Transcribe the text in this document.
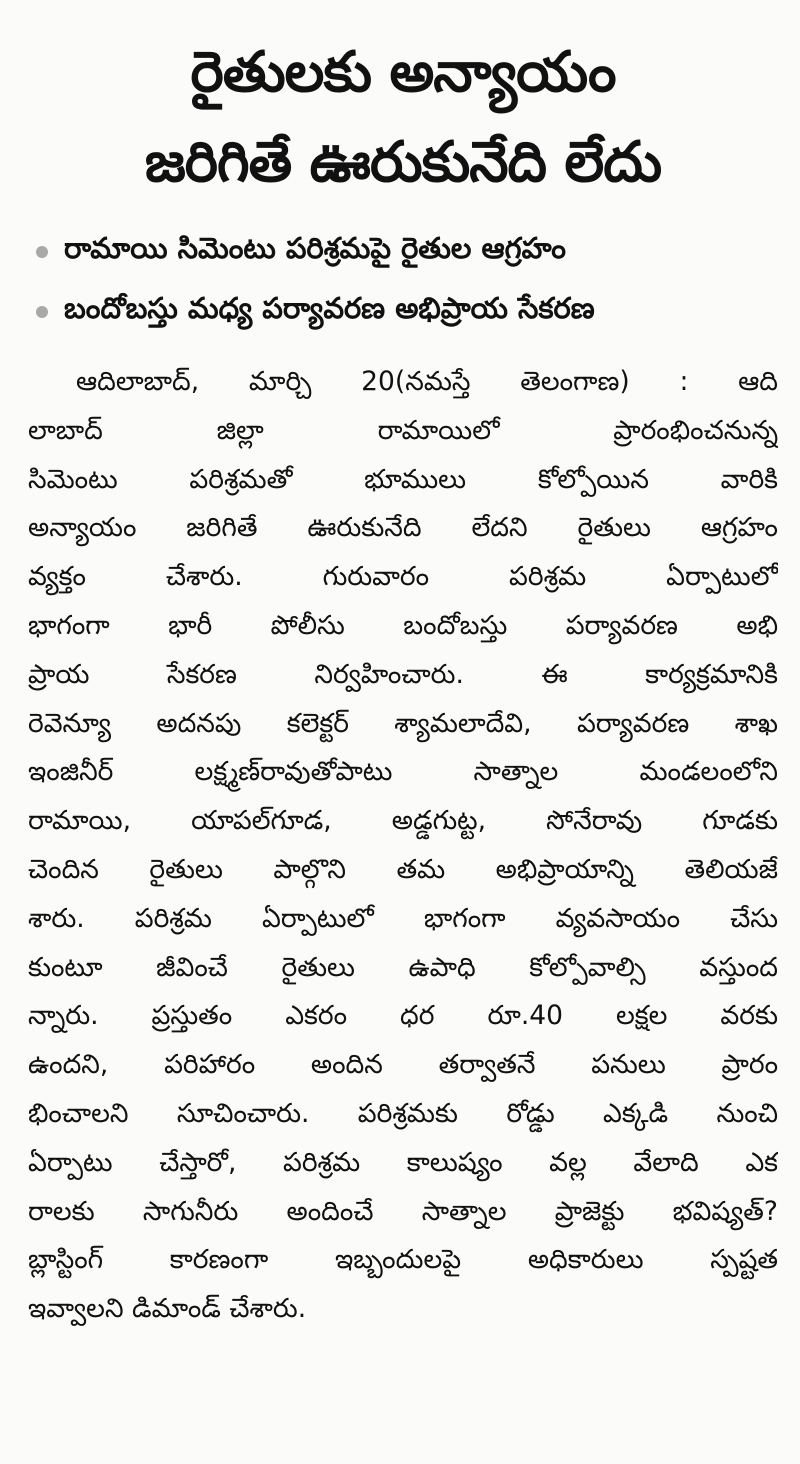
రైతులకు అన్యాయం
జరిగితే ఊరుకునేది లేదు
రామాయి సిమెంటు పరిశ్రమపై రైతుల ఆగ్రహం
బందోబస్తు మధ్య పర్యావరణ అభిప్రాయ సేకరణ
ఆదిలాబాద్, మార్చి 20(నమస్తే తెలంగాణ) : ఆది
లాబాద్ జిల్లా రామాయిలో ప్రారంభించనున్న
సిమెంటు పరిశ్రమతో భూములు కోల్పోయిన వారికి
అన్యాయం జరిగితే ఊరుకునేది లేదని రైతులు ఆగ్రహం
వ్యక్తం చేశారు. గురువారం పరిశ్రమ ఏర్పాటులో
భాగంగా భారీ పోలీసు బందోబస్తు పర్యావరణ అభి
ప్రాయ సేకరణ నిర్వహించారు. ఈ కార్యక్రమానికి
రెవెన్యూ అదనపు కలెక్టర్ శ్యామలాదేవి, పర్యావరణ శాఖ
ఇంజినీర్ లక్ష్మణ్‌రావుతోపాటు సాత్నాల మండలంలోని
రామాయి, యాపల్‌గూడ, అడ్డగుట్ట, సోనేరావు గూడకు
చెందిన రైతులు పాల్గొని తమ అభిప్రాయాన్ని తెలియజే
శారు. పరిశ్రమ ఏర్పాటులో భాగంగా వ్యవసాయం చేసు
కుంటూ జీవించే రైతులు ఉపాధి కోల్పోవాల్సి వస్తుంద
న్నారు. ప్రస్తుతం ఎకరం ధర రూ.40 లక్షల వరకు
ఉందని, పరిహారం అందిన తర్వాతనే పనులు ప్రారం
భించాలని సూచించారు. పరిశ్రమకు రోడ్డు ఎక్కడి నుంచి
ఏర్పాటు చేస్తారో, పరిశ్రమ కాలుష్యం వల్ల వేలాది ఎక
రాలకు సాగునీరు అందించే సాత్నాల ప్రాజెక్టు భవిష్యత్?
బ్లాస్టింగ్ కారణంగా ఇబ్బందులపై అధికారులు స్పష్టత
ఇవ్వాలని డిమాండ్ చేశారు.
